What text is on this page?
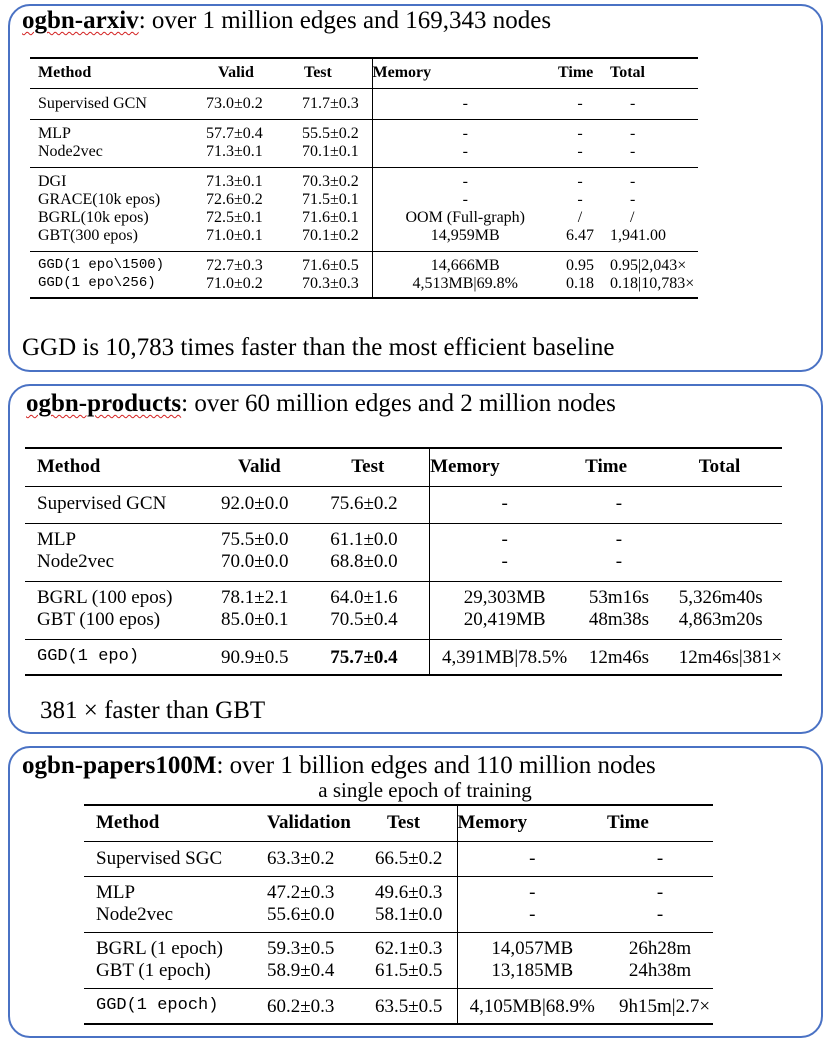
ogbn-arxiv: over 1 million edges and 169,343 nodes
Method	Valid	Test	Memory	Time	Total
Supervised GCN	73.0±0.2	71.7±0.3	-	-	-
MLP	57.7±0.4	55.5±0.2	-	-	-
Node2vec	71.3±0.1	70.1±0.1	-	-	-
DGI	71.3±0.1	70.3±0.2	-	-	-
GRACE(10k epos)	72.6±0.2	71.5±0.1	-	-	-
BGRL(10k epos)	72.5±0.1	71.6±0.1	OOM (Full-graph)	/	/
GBT(300 epos)	71.0±0.1	70.1±0.2	14,959MB	6.47	1,941.00
GGD(1 epo\1500)	72.7±0.3	71.6±0.5	14,666MB	0.95	0.95|2,043×
GGD(1 epo\256)	71.0±0.2	70.3±0.3	4,513MB|69.8%	0.18	0.18|10,783×
GGD is 10,783 times faster than the most efficient baseline
ogbn-products: over 60 million edges and 2 million nodes
Method	Valid	Test	Memory	Time	Total
Supervised GCN	92.0±0.0	75.6±0.2	-	-	
MLP	75.5±0.0	61.1±0.0	-	-	
Node2vec	70.0±0.0	68.8±0.0	-	-	
BGRL (100 epos)	78.1±2.1	64.0±1.6	29,303MB	53m16s	5,326m40s
GBT (100 epos)	85.0±0.1	70.5±0.4	20,419MB	48m38s	4,863m20s
GGD(1 epo)	90.9±0.5	75.7±0.4	4,391MB|78.5%	12m46s	12m46s|381×
381 × faster than GBT
ogbn-papers100M: over 1 billion edges and 110 million nodes
a single epoch of training
Method	Validation	Test	Memory	Time
Supervised SGC	63.3±0.2	66.5±0.2	-	-
MLP	47.2±0.3	49.6±0.3	-	-
Node2vec	55.6±0.0	58.1±0.0	-	-
BGRL (1 epoch)	59.3±0.5	62.1±0.3	14,057MB	26h28m
GBT (1 epoch)	58.9±0.4	61.5±0.5	13,185MB	24h38m
GGD(1 epoch)	60.2±0.3	63.5±0.5	4,105MB|68.9%	9h15m|2.7×
